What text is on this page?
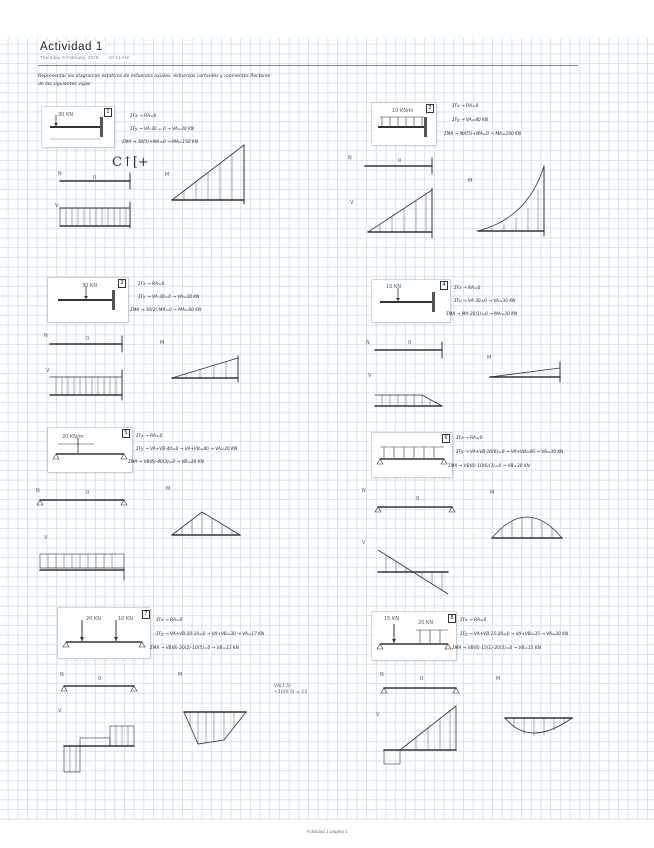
Actividad 1
Thursday, 6 February, 2025 10:41 AM
Representar los diagramas estaticos de esfuerzos axiales, esfuerzos cortantes y momentos flectores
de las siguientes vigas
1
30 KN	ΣFx → RA=0
ΣFy → VA-30 = 0 → VA=30 KN
ΣMA → 30(5)+MA=0 → MA=150 KN
C↑[+
2
10 KN/m
ΣFx → RA=0
ΣFy → VA=40 KN
ΣMA → MA(5)+MA=0 → MA=100 KN
3
30 KN	ΣFx → RA=0
ΣFy → VA-30=0 → VA=30 KN
ΣMA → 30(2)-MA=0 → MA=60 KN
4
10 KN	ΣFx → RA=0
ΣFy → VA-30=0 → VA=30 KN
ΣMA → MA-30(1)=0 → MA=30 KN
5
20 KN/m	ΣFx → RA=0
ΣFy → VA+VB-40=0 → VA+VB=40 → VA=20 KN
ΣMA → VB(6)-40(3)=0 → VB=20 KN
6	ΣFx → RA=0
ΣFy → VA+VB-10(6)=0 → VA+VB=60 → VA=30 KN
ΣMA → VB(6)-10(6)(3)=0 → VB=30 KN
7
20 KN	10 KN	ΣFx → RA=0
ΣFy → VA+VB-20-10=0 → VA+VB=30 → VA=17 KN
ΣMA → VB(8)-20(2)-10(5)=0 → VB=13 KN
8
15 KN
20 KN	ΣFx → RA=0
ΣFy → VA+VB-15-20=0 → VA+VB=35 → VA=20 KN
ΣMA → VB(6)-15(1)-20(3)=0 → VB=15 KN
VA(1.5)
+10(0.5) = 15
N
0
V
M
N	0
V
M
N	0
V
M	N	0
V
M
N	0
V
M	N
0
V
M
N
0
V
M	N
0
V
M
Actividad 1 página 1
